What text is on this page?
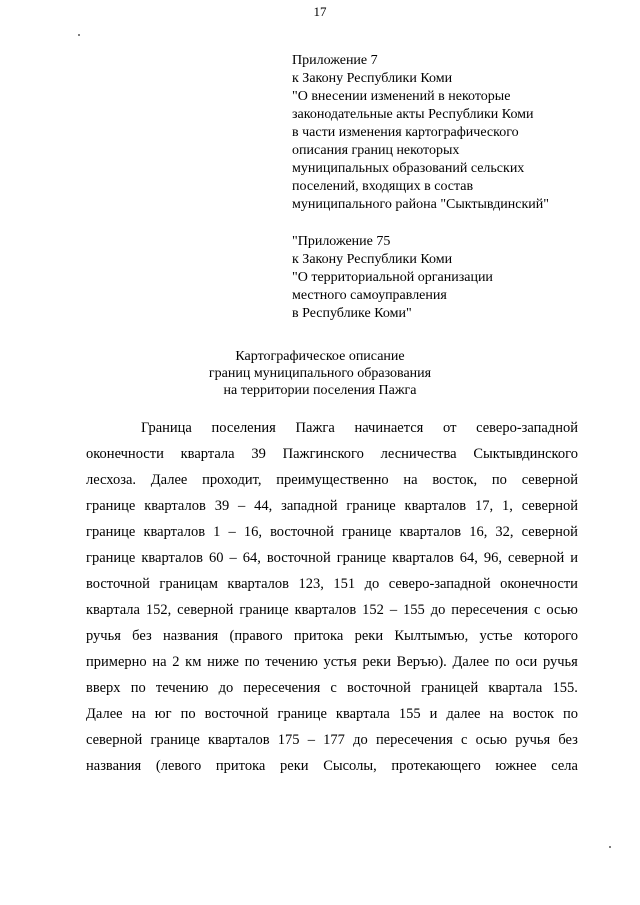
17
Приложение 7
к Закону Республики Коми
"О внесении изменений в некоторые
законодательные акты Республики Коми
в части изменения картографического
описания границ некоторых
муниципальных образований сельских
поселений, входящих в состав
муниципального района "Сыктывдинский"
"Приложение 75
к Закону Республики Коми
"О территориальной организации
местного самоуправления
в Республике Коми"
Картографическое описание
границ муниципального образования
на территории поселения Пажга
Граница поселения Пажга начинается от северо-западной
оконечности квартала 39 Пажгинского лесничества Сыктывдинского
лесхоза. Далее проходит, преимущественно на восток, по северной
границе кварталов 39 – 44, западной границе кварталов 17, 1, северной
границе кварталов 1 – 16, восточной границе кварталов 16, 32, северной
границе кварталов 60 – 64, восточной границе кварталов 64, 96, северной и
восточной границам кварталов 123, 151 до северо-западной оконечности
квартала 152, северной границе кварталов 152 – 155 до пересечения с осью
ручья без названия (правого притока реки Кылтымъю, устье которого
примерно на 2 км ниже по течению устья реки Веръю). Далее по оси ручья
вверх по течению до пересечения с восточной границей квартала 155.
Далее на юг по восточной границе квартала 155 и далее на восток по
северной границе кварталов 175 – 177 до пересечения с осью ручья без
названия (левого притока реки Сысолы, протекающего южнее села
